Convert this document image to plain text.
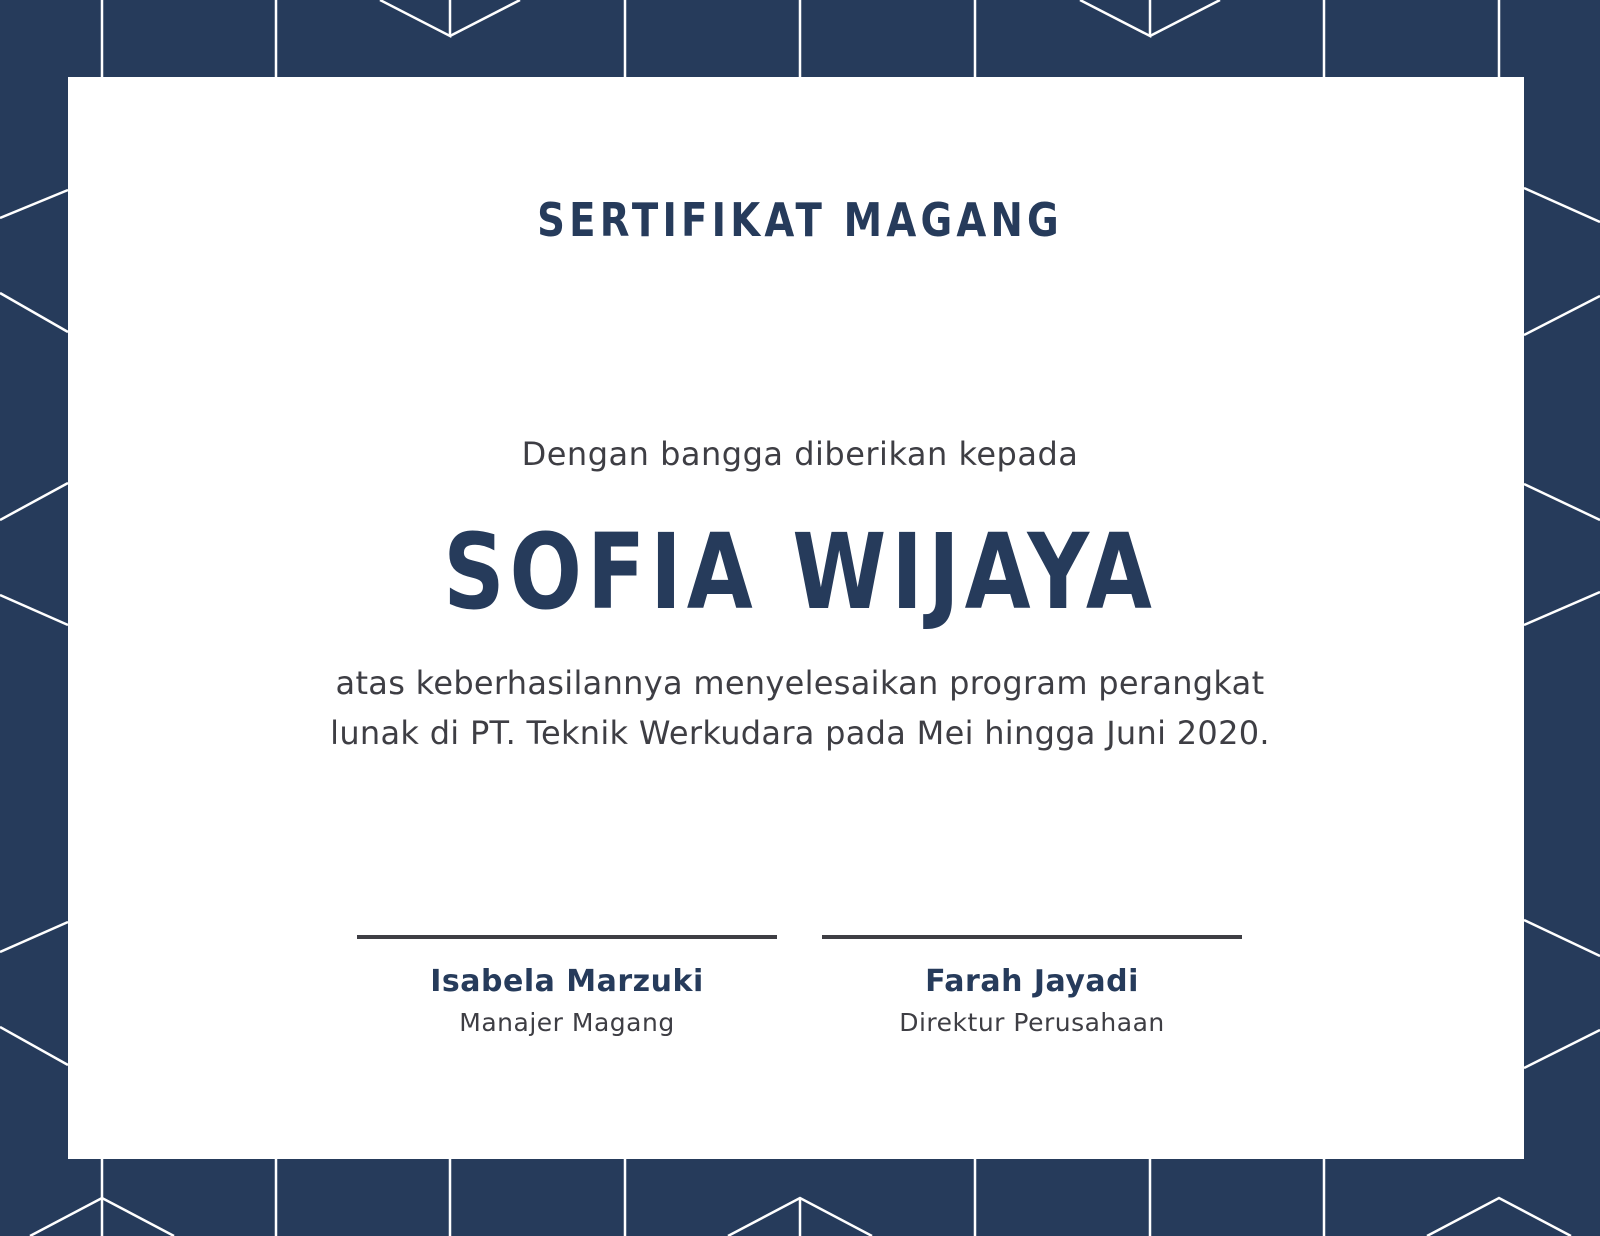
SERTIFIKAT MAGANG
Dengan bangga diberikan kepada
SOFIA WIJAYA
atas keberhasilannya menyelesaikan program perangkat
lunak di PT. Teknik Werkudara pada Mei hingga Juni 2020.
Isabela Marzuki
Manajer Magang
Farah Jayadi
Direktur Perusahaan
